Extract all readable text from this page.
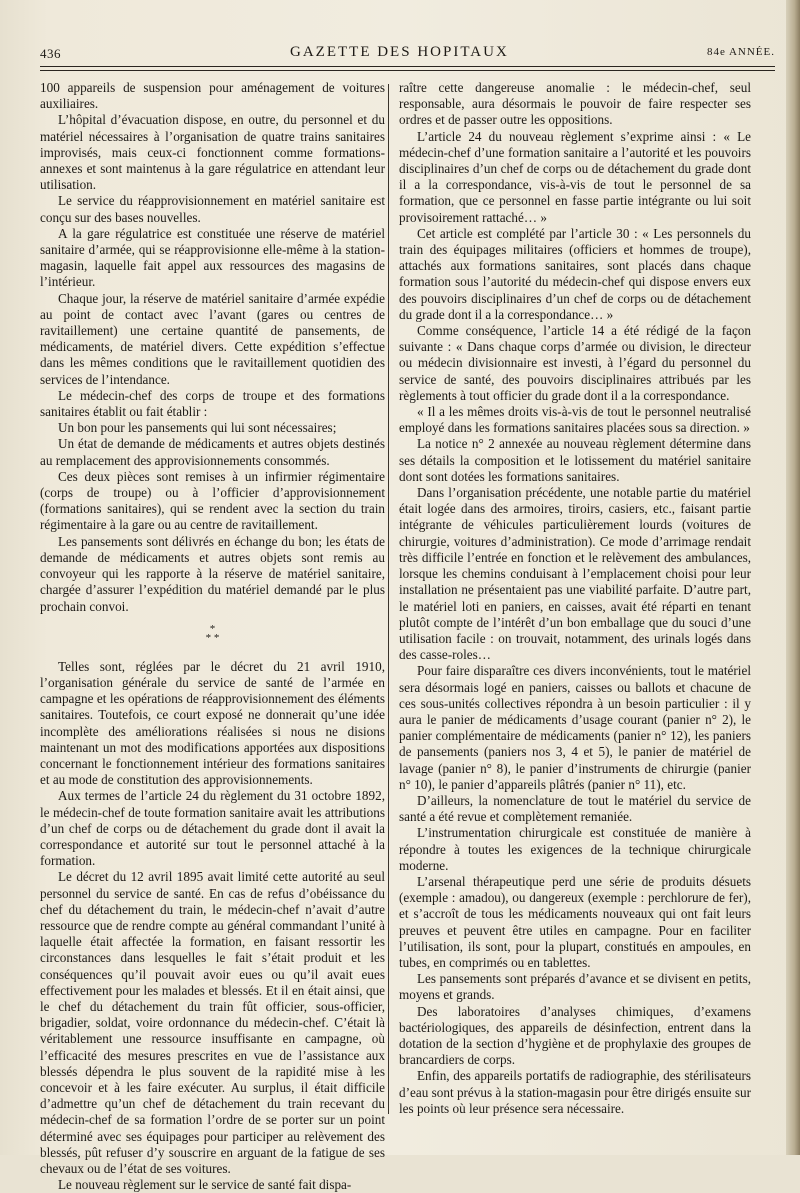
436	GAZETTE DES HOPITAUX	84e ANNÉE.

100 appareils de suspension pour aménagement de voitures auxiliaires.

L’hôpital d’évacuation dispose, en outre, du personnel et du matériel nécessaires à l’organisation de quatre trains sanitaires improvisés, mais ceux-ci fonctionnent comme formations-annexes et sont maintenus à la gare régulatrice en attendant leur utilisation.

Le service du réapprovisionnement en matériel sanitaire est conçu sur des bases nouvelles.

A la gare régulatrice est constituée une réserve de matériel sanitaire d’armée, qui se réapprovisionne elle-même à la station-magasin, laquelle fait appel aux ressources des magasins de l’intérieur.

Chaque jour, la réserve de matériel sanitaire d’armée expédie au point de contact avec l’avant (gares ou centres de ravitaillement) une certaine quantité de pansements, de médicaments, de matériel divers. Cette expédition s’effectue dans les mêmes conditions que le ravitaillement quotidien des services de l’intendance.

Le médecin-chef des corps de troupe et des formations sanitaires établit ou fait établir :

Un bon pour les pansements qui lui sont nécessaires;

Un état de demande de médicaments et autres objets destinés au remplacement des approvisionnements consommés.

Ces deux pièces sont remises à un infirmier régimentaire (corps de troupe) ou à l’officier d’approvisionnement (formations sanitaires), qui se rendent avec la section du train régimentaire à la gare ou au centre de ravitaillement.

Les pansements sont délivrés en échange du bon; les états de demande de médicaments et autres objets sont remis au convoyeur qui les rapporte à la réserve de matériel sanitaire, chargée d’assurer l’expédition du matériel demandé par le plus prochain convoi.

*
* *

Telles sont, réglées par le décret du 21 avril 1910, l’organisation générale du service de santé de l’armée en campagne et les opérations de réapprovisionnement des éléments sanitaires. Toutefois, ce court exposé ne donnerait qu’une idée incomplète des améliorations réalisées si nous ne disions maintenant un mot des modifications apportées aux dispositions concernant le fonctionnement intérieur des formations sanitaires et au mode de constitution des approvisionnements.

Aux termes de l’article 24 du règlement du 31 octobre 1892, le médecin-chef de toute formation sanitaire avait les attributions d’un chef de corps ou de détachement du grade dont il avait la correspondance et autorité sur tout le personnel attaché à la formation.

Le décret du 12 avril 1895 avait limité cette autorité au seul personnel du service de santé. En cas de refus d’obéissance du chef du détachement du train, le médecin-chef n’avait d’autre ressource que de rendre compte au général commandant l’unité à laquelle était affectée la formation, en faisant ressortir les circonstances dans lesquelles le fait s’était produit et les conséquences qu’il pouvait avoir eues ou qu’il avait eues effectivement pour les malades et blessés. Et il en était ainsi, que le chef du détachement du train fût officier, sous-officier, brigadier, soldat, voire ordonnance du médecin-chef. C’était là véritablement une ressource insuffisante en campagne, où l’efficacité des mesures prescrites en vue de l’assistance aux blessés dépendra le plus souvent de la rapidité mise à les concevoir et à les faire exécuter. Au surplus, il était difficile d’admettre qu’un chef de détachement du train recevant du médecin-chef de sa formation l’ordre de se porter sur un point déterminé avec ses équipages pour participer au relèvement des blessés, pût refuser d’y souscrire en arguant de la fatigue de ses chevaux ou de l’état de ses voitures.

Le nouveau règlement sur le service de santé fait dispa-

raître cette dangereuse anomalie : le médecin-chef, seul responsable, aura désormais le pouvoir de faire respecter ses ordres et de passer outre les oppositions.

L’article 24 du nouveau règlement s’exprime ainsi : « Le médecin-chef d’une formation sanitaire a l’autorité et les pouvoirs disciplinaires d’un chef de corps ou de détachement du grade dont il a la correspondance, vis-à-vis de tout le personnel de sa formation, que ce personnel en fasse partie intégrante ou lui soit provisoirement rattaché… »

Cet article est complété par l’article 30 : « Les personnels du train des équipages militaires (officiers et hommes de troupe), attachés aux formations sanitaires, sont placés dans chaque formation sous l’autorité du médecin-chef qui dispose envers eux des pouvoirs disciplinaires d’un chef de corps ou de détachement du grade dont il a la correspondance… »

Comme conséquence, l’article 14 a été rédigé de la façon suivante : « Dans chaque corps d’armée ou division, le directeur ou médecin divisionnaire est investi, à l’égard du personnel du service de santé, des pouvoirs disciplinaires attribués par les règlements à tout officier du grade dont il a la correspondance.

« Il a les mêmes droits vis-à-vis de tout le personnel neutralisé employé dans les formations sanitaires placées sous sa direction. »

La notice n° 2 annexée au nouveau règlement détermine dans ses détails la composition et le lotissement du matériel sanitaire dont sont dotées les formations sanitaires.

Dans l’organisation précédente, une notable partie du matériel était logée dans des armoires, tiroirs, casiers, etc., faisant partie intégrante de véhicules particulièrement lourds (voitures de chirurgie, voitures d’administration). Ce mode d’arrimage rendait très difficile l’entrée en fonction et le relèvement des ambulances, lorsque les chemins conduisant à l’emplacement choisi pour leur installation ne présentaient pas une viabilité parfaite. D’autre part, le matériel loti en paniers, en caisses, avait été réparti en tenant plutôt compte de l’intérêt d’un bon emballage que du souci d’une utilisation facile : on trouvait, notamment, des urinals logés dans des casse-roles…

Pour faire disparaître ces divers inconvénients, tout le matériel sera désormais logé en paniers, caisses ou ballots et chacune de ces sous-unités collectives répondra à un besoin particulier : il y aura le panier de médicaments d’usage courant (panier n° 2), le panier complémentaire de médicaments (panier n° 12), les paniers de pansements (paniers nos 3, 4 et 5), le panier de matériel de lavage (panier n° 8), le panier d’instruments de chirurgie (panier n° 10), le panier d’appareils plâtrés (panier n° 11), etc.

D’ailleurs, la nomenclature de tout le matériel du service de santé a été revue et complètement remaniée.

L’instrumentation chirurgicale est constituée de manière à répondre à toutes les exigences de la technique chirurgicale moderne.

L’arsenal thérapeutique perd une série de produits désuets (exemple : amadou), ou dangereux (exemple : perchlorure de fer), et s’accroît de tous les médicaments nouveaux qui ont fait leurs preuves et peuvent être utiles en campagne. Pour en faciliter l’utilisation, ils sont, pour la plupart, constitués en ampoules, en tubes, en comprimés ou en tablettes.

Les pansements sont préparés d’avance et se divisent en petits, moyens et grands.

Des laboratoires d’analyses chimiques, d’examens bactériologiques, des appareils de désinfection, entrent dans la dotation de la section d’hygiène et de prophylaxie des groupes de brancardiers de corps.

Enfin, des appareils portatifs de radiographie, des stérilisateurs d’eau sont prévus à la station-magasin pour être dirigés ensuite sur les points où leur présence sera nécessaire.
